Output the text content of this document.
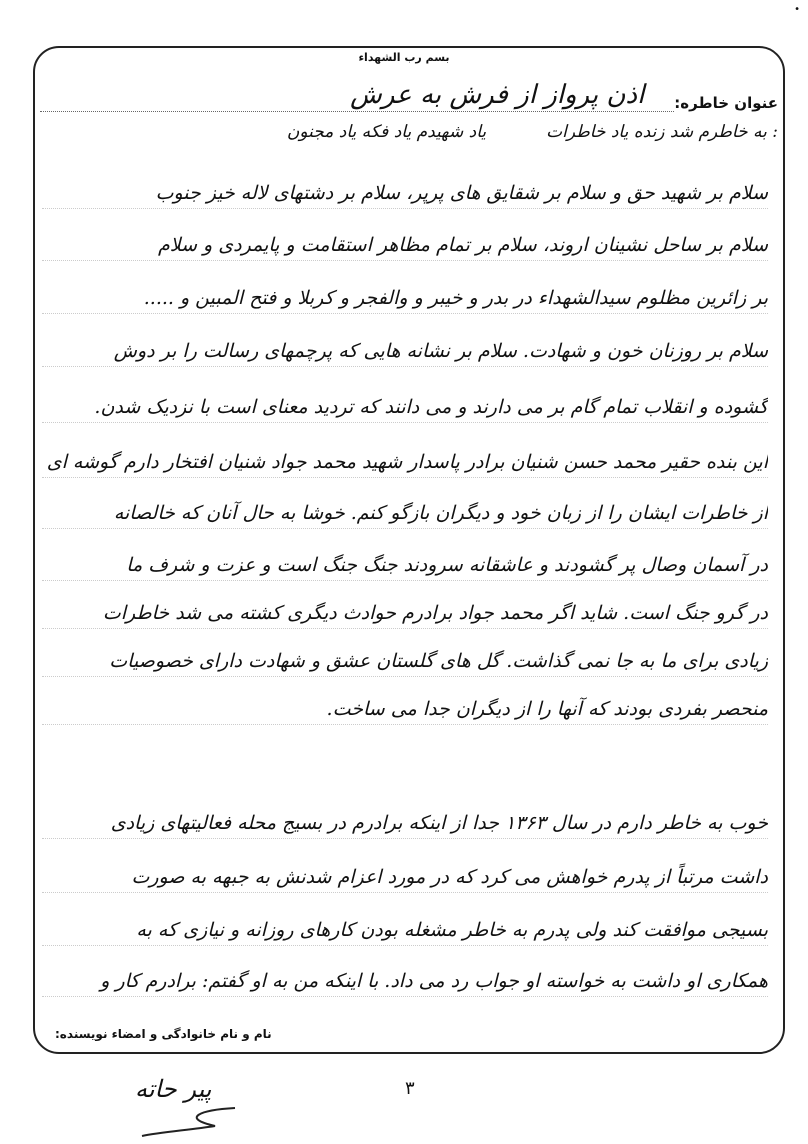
•
بسم رب الشهداء
عنوان خاطره:
اذن پرواز از فرش به عرش
: به خاطرم شد زنده یاد خاطرات
یاد شهیدم یاد فکه یاد مجنون
سلام بر شهید حق و سلام بر شقایق های پرپر، سلام بر دشتهای لاله خیز جنوب
سلام بر ساحل نشینان اروند، سلام بر تمام مظاهر استقامت و پایمردی و سلام
بر زائرین مظلوم سیدالشهداء در بدر و خیبر و والفجر و کربلا و فتح المبین و .....
سلام بر روزنان خون و شهادت. سلام بر نشانه هایی که پرچمهای رسالت را بر دوش
گشوده و انقلاب تمام گام بر می دارند و می دانند که تردید معنای است با نزدیک شدن.
این بنده حقیر محمد حسن شنیان برادر پاسدار شهید محمد جواد شنیان افتخار دارم گوشه ای
از خاطرات ایشان را از زبان خود و دیگران بازگو کنم. خوشا به حال آنان که خالصانه
در آسمان وصال پر گشودند و عاشقانه سرودند جنگ جنگ است و عزت و شرف ما
در گرو جنگ است. شاید اگر محمد جواد برادرم حوادث دیگری کشته می شد خاطرات
زیادی برای ما به جا نمی گذاشت. گل های گلستان عشق و شهادت دارای خصوصیات
منحصر بفردی بودند که آنها را از دیگران جدا می ساخت.
خوب به خاطر دارم در سال ۱۳۶۳ جدا از اینکه برادرم در بسیج محله فعالیتهای زیادی
داشت مرتباً از پدرم خواهش می کرد که در مورد اعزام شدنش به جبهه به صورت
بسیجی موافقت کند ولی پدرم به خاطر مشغله بودن کارهای روزانه و نیازی که به
همکاری او داشت به خواسته او جواب رد می داد. با اینکه من به او گفتم: برادرم کار و
نام و نام خانوادگی و امضاء نویسنده:
۳
پیر حاته
